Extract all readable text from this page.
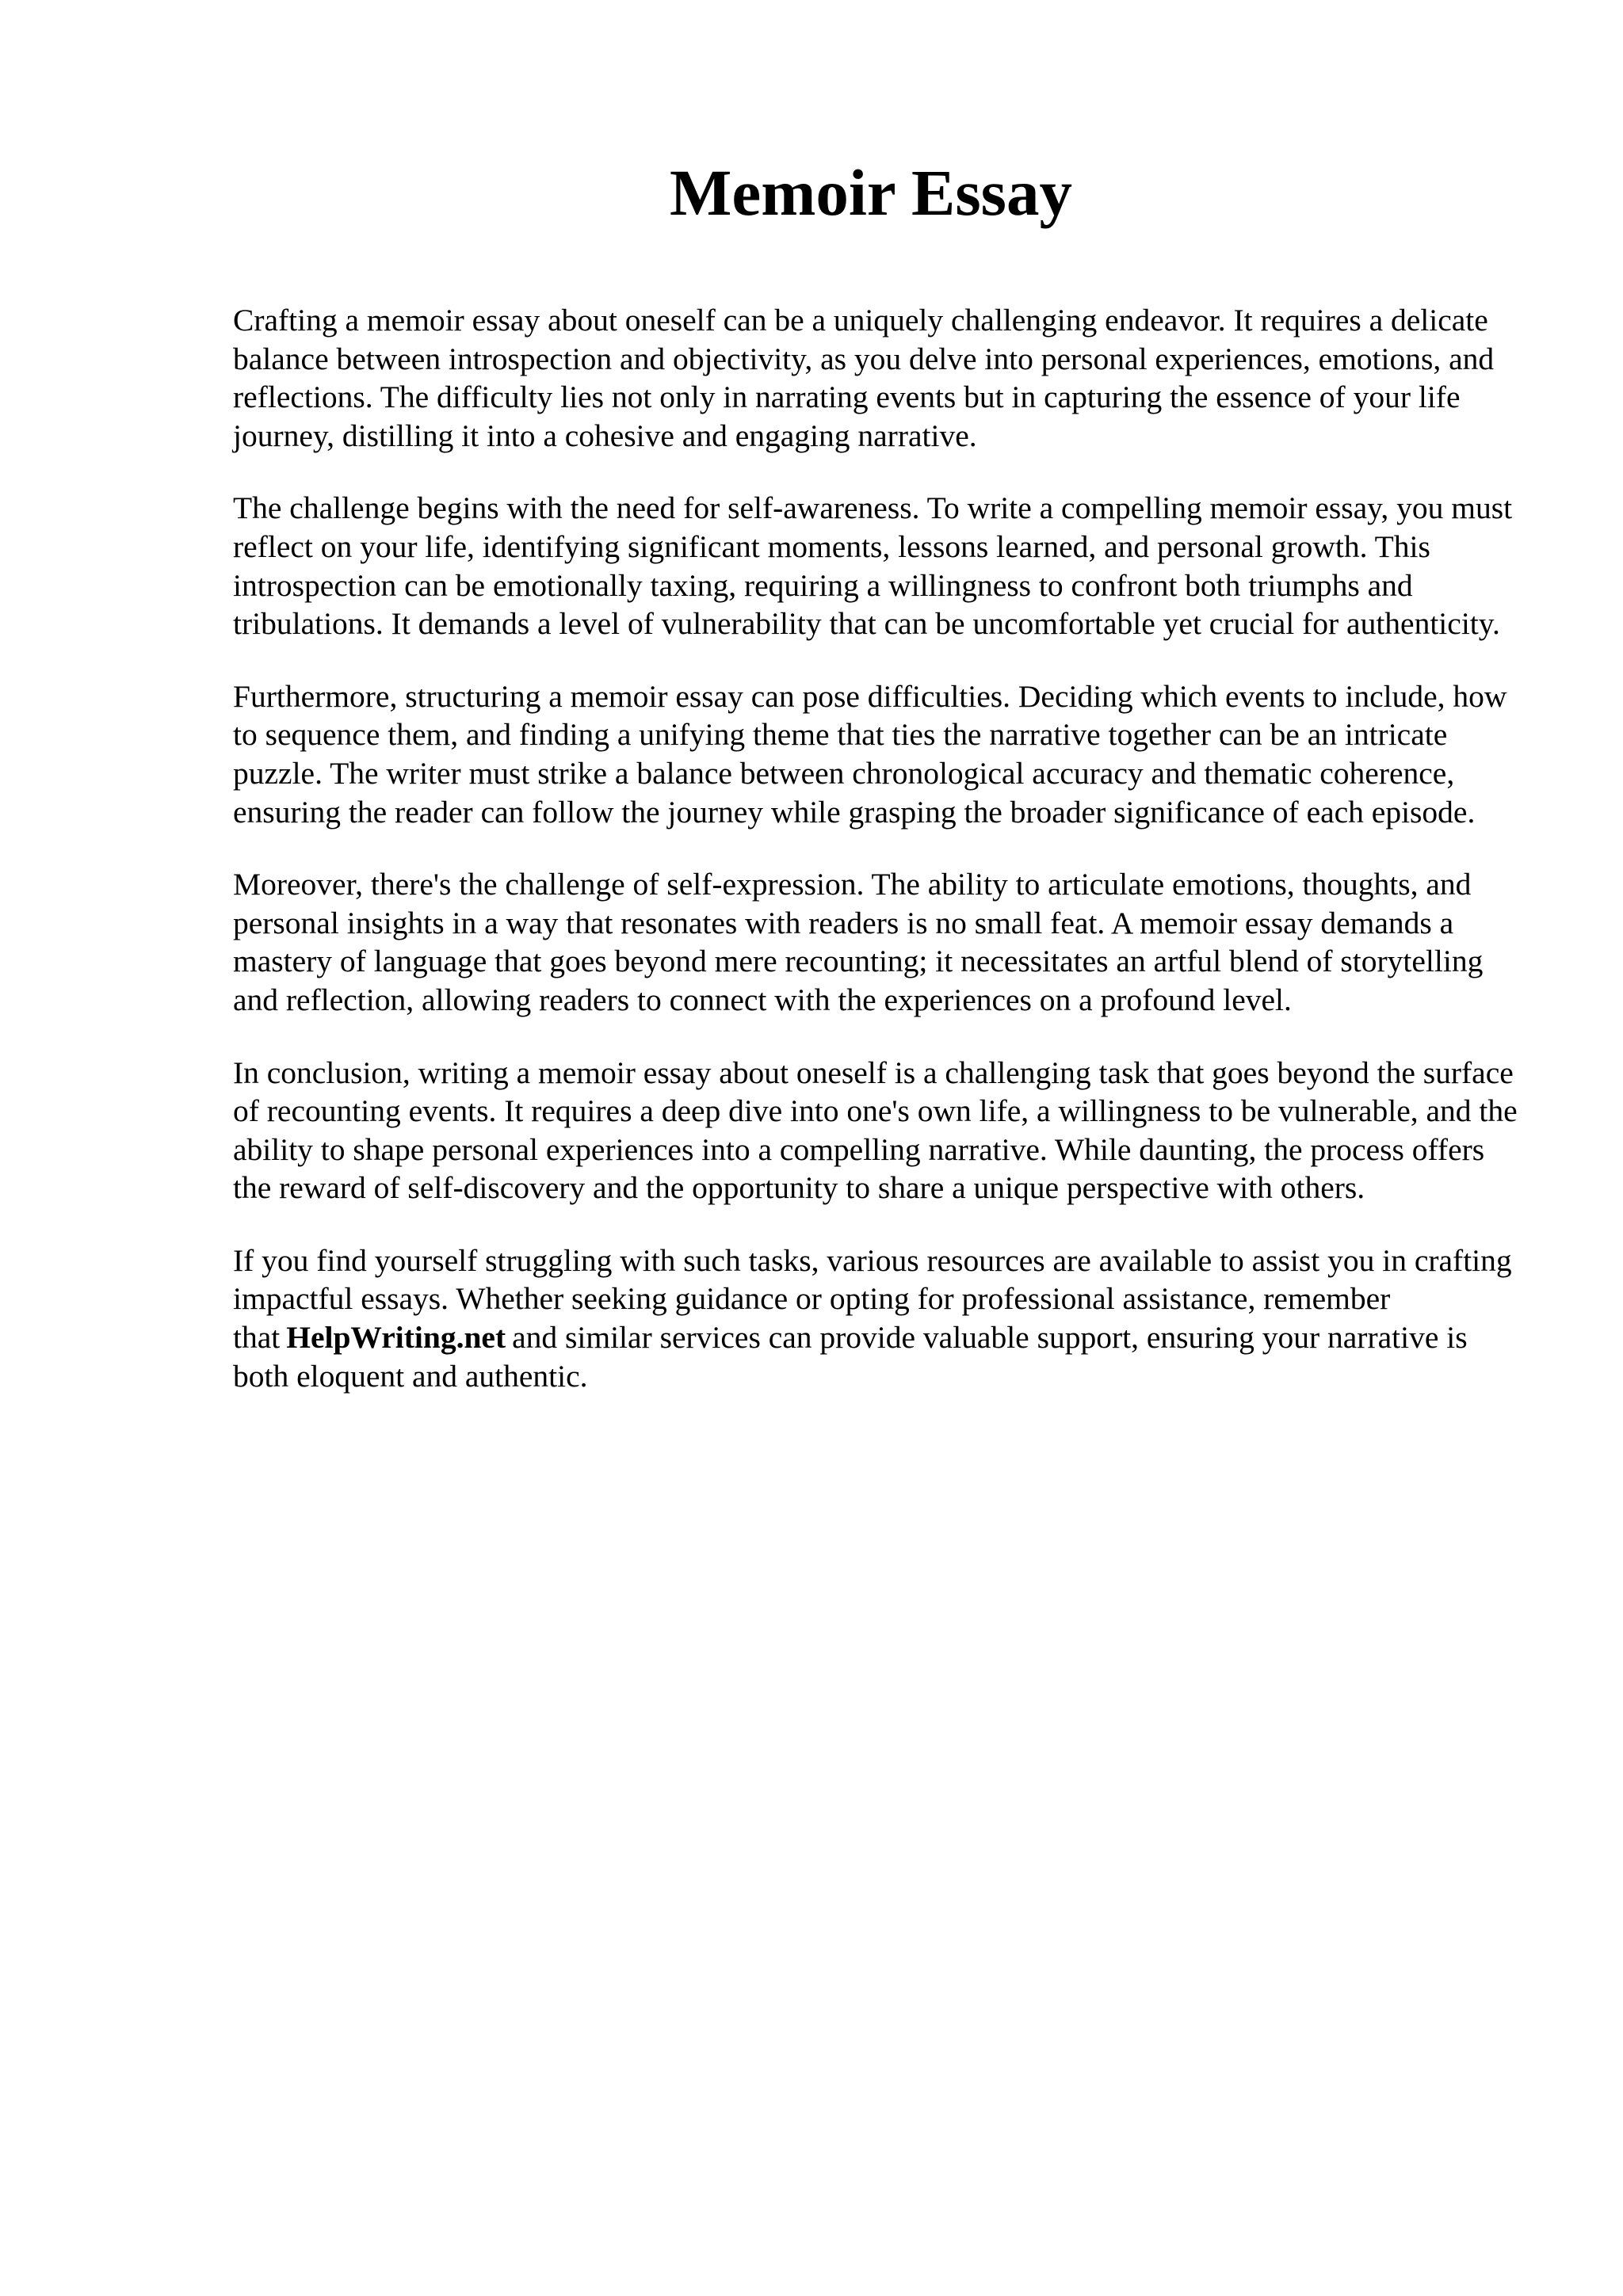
Memoir Essay

Crafting a memoir essay about oneself can be a uniquely challenging endeavor. It requires a delicate balance between introspection and objectivity, as you delve into personal experiences, emotions, and reflections. The difficulty lies not only in narrating events but in capturing the essence of your life journey, distilling it into a cohesive and engaging narrative.

The challenge begins with the need for self-awareness. To write a compelling memoir essay, you must reflect on your life, identifying significant moments, lessons learned, and personal growth. This introspection can be emotionally taxing, requiring a willingness to confront both triumphs and tribulations. It demands a level of vulnerability that can be uncomfortable yet crucial for authenticity.

Furthermore, structuring a memoir essay can pose difficulties. Deciding which events to include, how to sequence them, and finding a unifying theme that ties the narrative together can be an intricate puzzle. The writer must strike a balance between chronological accuracy and thematic coherence, ensuring the reader can follow the journey while grasping the broader significance of each episode.

Moreover, there's the challenge of self-expression. The ability to articulate emotions, thoughts, and personal insights in a way that resonates with readers is no small feat. A memoir essay demands a mastery of language that goes beyond mere recounting; it necessitates an artful blend of storytelling and reflection, allowing readers to connect with the experiences on a profound level.

In conclusion, writing a memoir essay about oneself is a challenging task that goes beyond the surface of recounting events. It requires a deep dive into one's own life, a willingness to be vulnerable, and the ability to shape personal experiences into a compelling narrative. While daunting, the process offers the reward of self-discovery and the opportunity to share a unique perspective with others.

If you find yourself struggling with such tasks, various resources are available to assist you in crafting impactful essays. Whether seeking guidance or opting for professional assistance, remember that HelpWriting.net and similar services can provide valuable support, ensuring your narrative is both eloquent and authentic.
